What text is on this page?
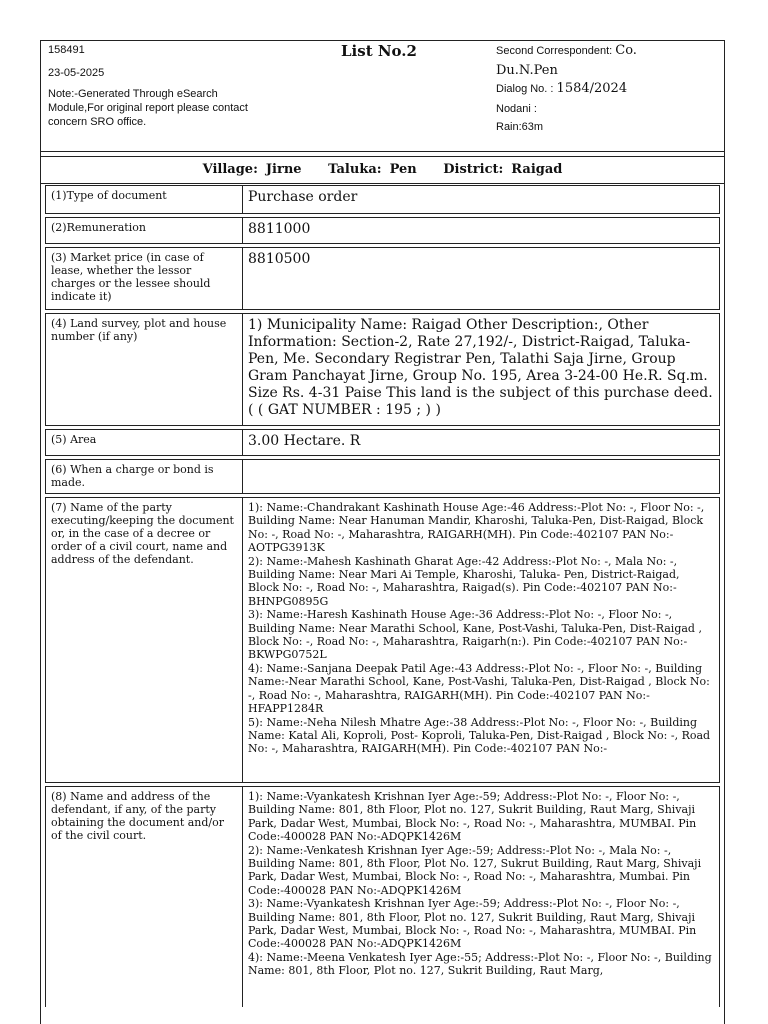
158491
23-05-2025
Note:-Generated Through eSearch Module,For original report please contact concern SRO office.
List No.2	Second Correspondent: Co.
Du.N.Pen
Dialog No. : 1584/2024
Nodani :
Rain:63m
Village: Jirne Taluka: Pen District: Raigad
(1)Type of document	Purchase order
(2)Remuneration	8811000
(3) Market price (in case of lease, whether the lessor charges or the lessee should indicate it)
8810500
(4) Land survey, plot and house number (if any)
1) Municipality Name: Raigad Other Description:, Other Information: Section-2, Rate 27,192/-, District-Raigad, Taluka-Pen, Me. Secondary Registrar Pen, Talathi Saja Jirne, Group Gram Panchayat Jirne, Group No. 195, Area 3-24-00 He.R. Sq.m. Size Rs. 4-31 Paise This land is the subject of this purchase deed.( ( GAT NUMBER : 195 ; ) )
(5) Area	3.00 Hectare. R
(6) When a charge or bond is made.
(7) Name of the party executing/keeping the document or, in the case of a decree or order of a civil court, name and address of the defendant.
1): Name:-Chandrakant Kashinath House Age:-46 Address:-Plot No: -, Floor No: -, Building Name: Near Hanuman Mandir, Kharoshi, Taluka-Pen, Dist-Raigad, Block No: -, Road No: -, Maharashtra, RAIGARH(MH). Pin Code:-402107 PAN No:-AOTPG3913K
2): Name:-Mahesh Kashinath Gharat Age:-42 Address:-Plot No: -, Mala No: -, Building Name: Near Mari Ai Temple, Kharoshi, Taluka- Pen, District-Raigad, Block No: -, Road No: -, Maharashtra, Raigad(s). Pin Code:-402107 PAN No:-BHNPG0895G
3): Name:-Haresh Kashinath House Age:-36 Address:-Plot No: -, Floor No: -, Building Name: Near Marathi School, Kane, Post-Vashi, Taluka-Pen, Dist-Raigad , Block No: -, Road No: -, Maharashtra, Raigarh(n:). Pin Code:-402107 PAN No:-BKWPG0752L
4): Name:-Sanjana Deepak Patil Age:-43 Address:-Plot No: -, Floor No: -, Building Name:-Near Marathi School, Kane, Post-Vashi, Taluka-Pen, Dist-Raigad , Block No: -, Road No: -, Maharashtra, RAIGARH(MH). Pin Code:-402107 PAN No:-HFAPP1284R
5): Name:-Neha Nilesh Mhatre Age:-38 Address:-Plot No: -, Floor No: -, Building Name: Katal Ali, Koproli, Post- Koproli, Taluka-Pen, Dist-Raigad , Block No: -, Road No: -, Maharashtra, RAIGARH(MH). Pin Code:-402107 PAN No:-
(8) Name and address of the defendant, if any, of the party obtaining the document and/or of the civil court.
1): Name:-Vyankatesh Krishnan Iyer Age:-59; Address:-Plot No: -, Floor No: -, Building Name: 801, 8th Floor, Plot no. 127, Sukrit Building, Raut Marg, Shivaji Park, Dadar West, Mumbai, Block No: -, Road No: -, Maharashtra, MUMBAI. Pin Code:-400028 PAN No:-ADQPK1426M
2): Name:-Venkatesh Krishnan Iyer Age:-59; Address:-Plot No: -, Mala No: -, Building Name: 801, 8th Floor, Plot No. 127, Sukrut Building, Raut Marg, Shivaji Park, Dadar West, Mumbai, Block No: -, Road No: -, Maharashtra, Mumbai. Pin Code:-400028 PAN No:-ADQPK1426M
3): Name:-Vyankatesh Krishnan Iyer Age:-59; Address:-Plot No: -, Floor No: -, Building Name: 801, 8th Floor, Plot no. 127, Sukrit Building, Raut Marg, Shivaji Park, Dadar West, Mumbai, Block No: -, Road No: -, Maharashtra, MUMBAI. Pin Code:-400028 PAN No:-ADQPK1426M
4): Name:-Meena Venkatesh Iyer Age:-55; Address:-Plot No: -, Floor No: -, Building Name: 801, 8th Floor, Plot no. 127, Sukrit Building, Raut Marg,
